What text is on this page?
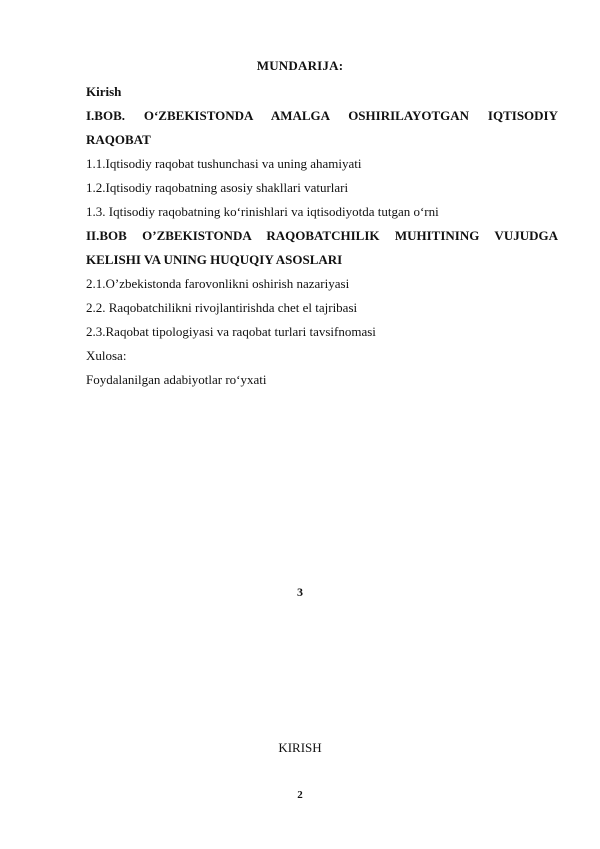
MUNDARIJA:
Kirish
I.BOB. O‘ZBEKISTONDA AMALGA OSHIRILAYOTGAN IQTISODIY
RAQOBAT
1.1.Iqtisodiy raqobat tushunchasi va uning ahamiyati
1.2.Iqtisodiy raqobatning asosiy shakllari vaturlari
1.3. Iqtisodiy raqobatning ko‘rinishlari va iqtisodiyotda tutgan o‘rni
II.BOB O’ZBEKISTONDA RAQOBATCHILIK MUHITINING VUJUDGA
KELISHI VA UNING HUQUQIY ASOSLARI
2.1.O’zbekistonda farovonlikni oshirish nazariyasi
2.2. Raqobatchilikni rivojlantirishda chet el tajribasi
2.3.Raqobat tipologiyasi va raqobat turlari tavsifnomasi
Xulosa:
Foydalanilgan adabiyotlar ro‘yxati
3
KIRISH
2
